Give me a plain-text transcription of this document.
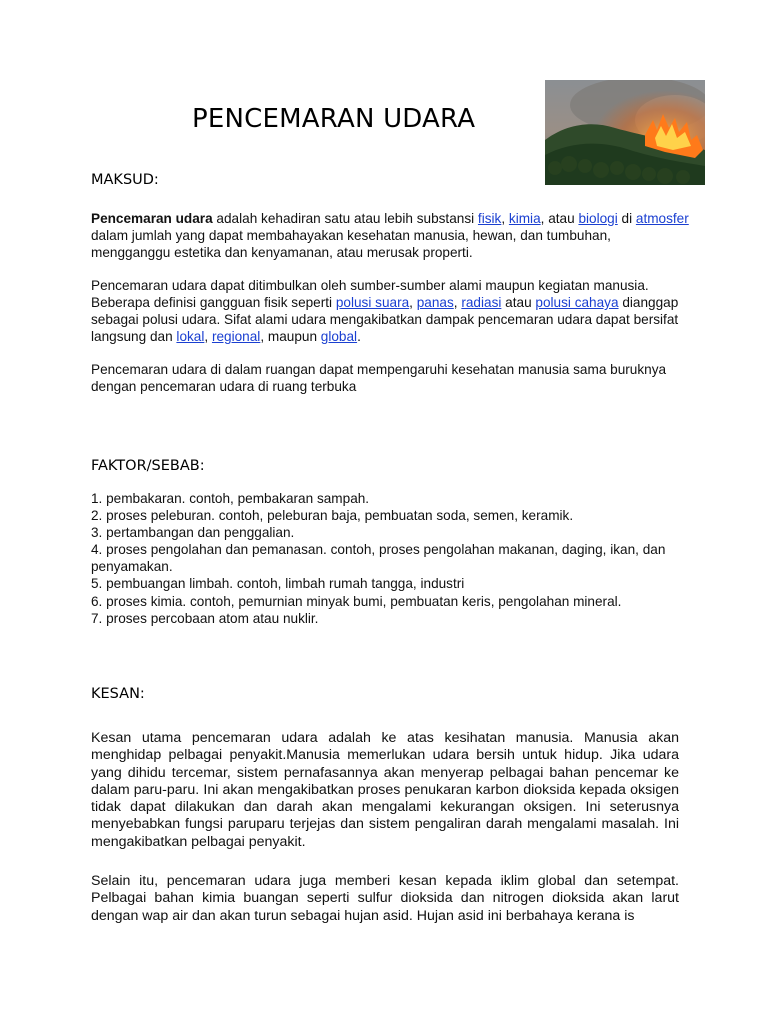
PENCEMARAN UDARA
MAKSUD:

Pencemaran udara adalah kehadiran satu atau lebih substansi fisik, kimia, atau biologi di atmosfer dalam jumlah yang dapat membahayakan kesehatan manusia, hewan, dan tumbuhan, mengganggu estetika dan kenyamanan, atau merusak properti.

Pencemaran udara dapat ditimbulkan oleh sumber-sumber alami maupun kegiatan manusia. Beberapa definisi gangguan fisik seperti polusi suara, panas, radiasi atau polusi cahaya dianggap sebagai polusi udara. Sifat alami udara mengakibatkan dampak pencemaran udara dapat bersifat langsung dan lokal, regional, maupun global.

Pencemaran udara di dalam ruangan dapat mempengaruhi kesehatan manusia sama buruknya dengan pencemaran udara di ruang terbuka

FAKTOR/SEBAB:
1. pembakaran. contoh, pembakaran sampah.
2. proses peleburan. contoh, peleburan baja, pembuatan soda, semen, keramik.
3. pertambangan dan penggalian.
4. proses pengolahan dan pemanasan. contoh, proses pengolahan makanan, daging, ikan, dan penyamakan.
5. pembuangan limbah. contoh, limbah rumah tangga, industri
6. proses kimia. contoh, pemurnian minyak bumi, pembuatan keris, pengolahan mineral.
7. proses percobaan atom atau nuklir.
KESAN:

Kesan utama pencemaran udara adalah ke atas kesihatan manusia. Manusia akan menghidap pelbagai penyakit.Manusia memerlukan udara bersih untuk hidup. Jika udara yang dihidu tercemar, sistem pernafasannya akan menyerap pelbagai bahan pencemar ke dalam paru-paru. Ini akan mengakibatkan proses penukaran karbon dioksida kepada oksigen tidak dapat dilakukan dan darah akan mengalami kekurangan oksigen. Ini seterusnya menyebabkan fungsi paruparu terjejas dan sistem pengaliran darah mengalami masalah. Ini mengakibatkan pelbagai penyakit.

Selain itu, pencemaran udara juga memberi kesan kepada iklim global dan setempat. Pelbagai bahan kimia buangan seperti sulfur dioksida dan nitrogen dioksida akan larut dengan wap air dan akan turun sebagai hujan asid. Hujan asid ini berbahaya kerana is
